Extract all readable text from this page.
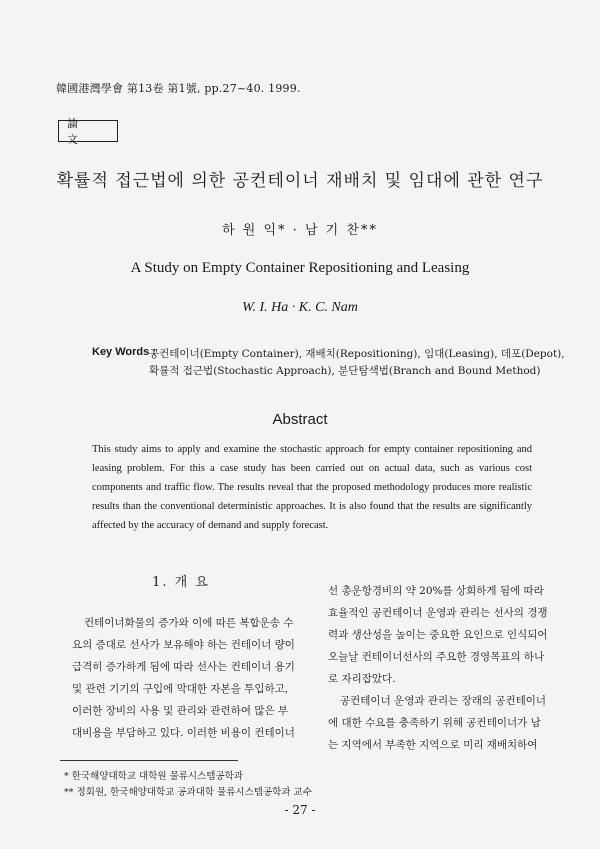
韓國港灣學會 第13卷 第1號, pp.27~40. 1999.
論 文
확률적 접근법에 의한 공컨테이너 재배치 및 임대에 관한 연구
하 원 익* · 남 기 찬**
A Study on Empty Container Repositioning and Leasing
W. I. Ha · K. C. Nam
Key Words :
공컨테이너(Empty Container), 재배치(Repositioning), 임대(Leasing), 데포(Depot),
확률적 접근법(Stochastic Approach), 분단탐색법(Branch and Bound Method)
Abstract
This study aims to apply and examine the stochastic approach for empty container repositioning and leasing problem. For this a case study has been carried out on actual data, such as various cost components and traffic flow. The results reveal that the proposed methodology produces more realistic results than the conventional deterministic approaches. It is also found that the results are significantly affected by the accuracy of demand and supply forecast.
1. 개 요

컨테이너화물의 증가와 이에 따른 복합운송 수

요의 증대로 선사가 보유해야 하는 컨테이너 량이

급격히 증가하게 됨에 따라 선사는 컨테이너 용기

및 관련 기기의 구입에 막대한 자본을 투입하고,

이러한 장비의 사용 및 관리와 관련하여 많은 부

대비용을 부담하고 있다. 이러한 비용이 컨테이너

선 총운항경비의 약 20%를 상회하게 됨에 따라

효율적인 공컨테이너 운영과 관리는 선사의 경쟁

력과 생산성을 높이는 중요한 요인으로 인식되어

오늘날 컨테이너선사의 주요한 경영목표의 하나

로 자리잡았다.

공컨테이너 운영과 관리는 장래의 공컨테이너

에 대한 수요를 충족하기 위해 공컨테이너가 남

는 지역에서 부족한 지역으로 미리 재배치하여

* 한국해양대학교 대학원 물류시스템공학과
** 정회원, 한국해양대학교 공과대학 물류시스템공학과 교수
- 27 -
